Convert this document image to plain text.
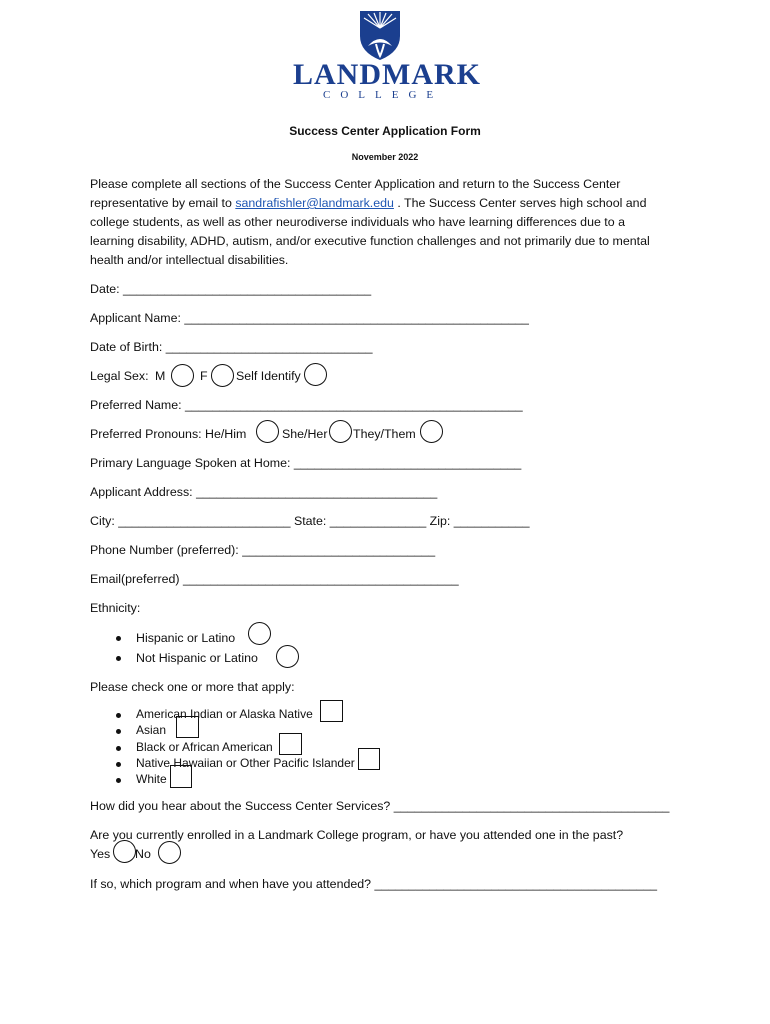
LANDMARK
COLLEGE
Success Center Application Form
November 2022
Please complete all sections of the Success Center Application and return to the Success Center
representative by email to sandrafishler@landmark.edu . The Success Center serves high school and
college students, as well as other neurodiverse individuals who have learning differences due to a
learning disability, ADHD, autism, and/or executive function challenges and not primarily due to mental
health and/or intellectual disabilities.
Date: ____________________________________
Applicant Name: __________________________________________________
Date of Birth: ______________________________
Legal Sex: M	F Self Identify
Preferred Name: _________________________________________________
Preferred Pronouns: He/Him	She/Her They/Them
Primary Language Spoken at Home: _________________________________
Applicant Address: ___________________________________
City: _________________________ State: ______________ Zip: ___________
Phone Number (preferred): ____________________________
Email(preferred) ________________________________________
Ethnicity:
Hispanic or Latino
Not Hispanic or Latino
Please check one or more that apply:
American Indian or Alaska Native
Asian
Black or African American
Native Hawaiian or Other Pacific Islander
White
How did you hear about the Success Center Services? ________________________________________
Are you currently enrolled in a Landmark College program, or have you attended one in the past?
Yes No
If so, which program and when have you attended? _________________________________________
